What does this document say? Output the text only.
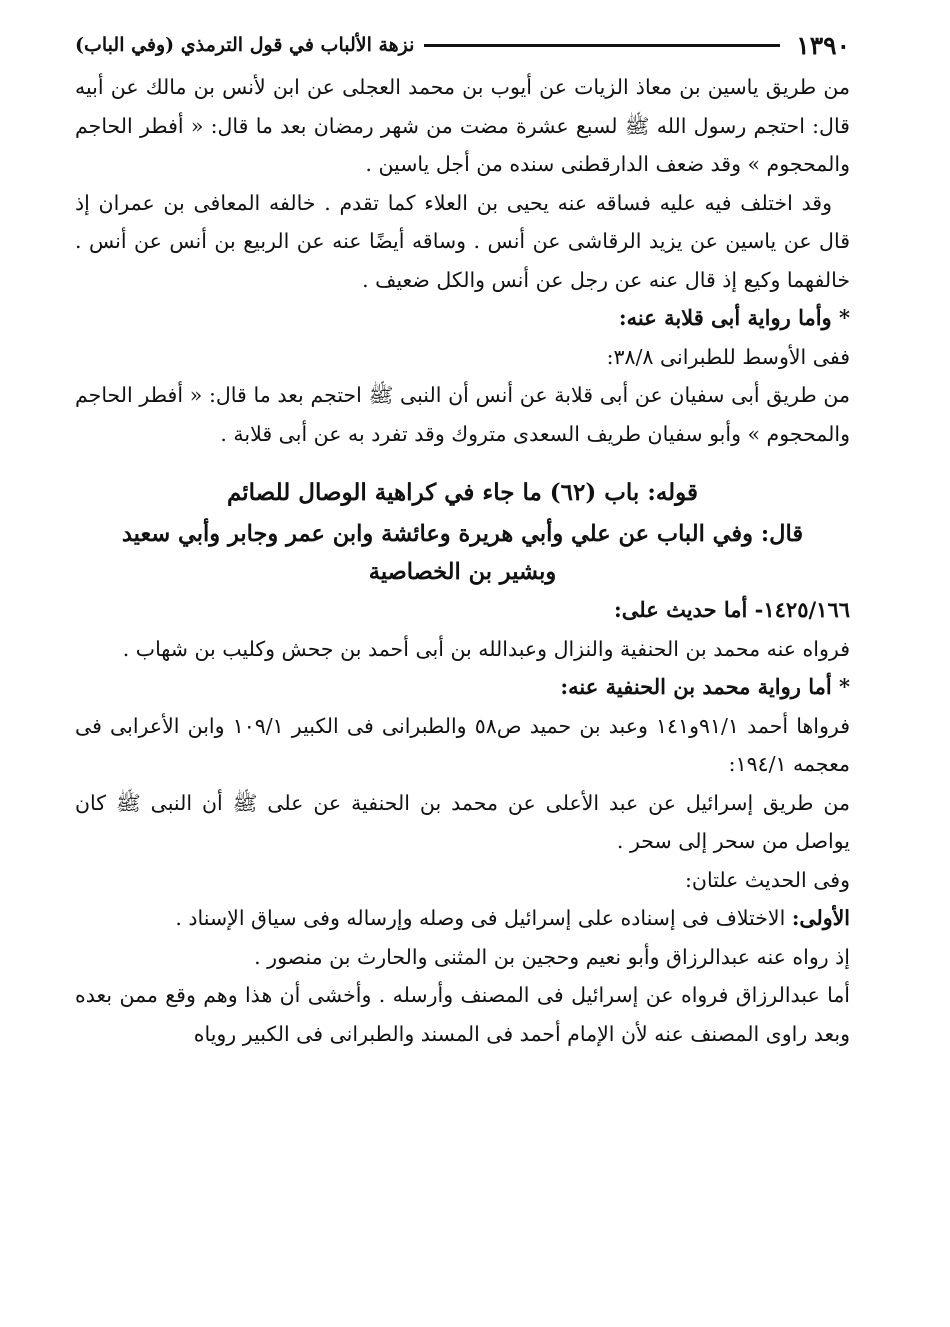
١٣٩٠
نزهة الألباب في قول الترمذي (وفي الباب)

من طريق ياسين بن معاذ الزيات عن أيوب بن محمد العجلى عن ابن لأنس بن مالك عن أبيه قال: احتجم رسول الله ﷺ لسبع عشرة مضت من شهر رمضان بعد ما قال: « أفطر الحاجم والمحجوم » وقد ضعف الدارقطنى سنده من أجل ياسين .

وقد اختلف فيه عليه فساقه عنه يحيى بن العلاء كما تقدم . خالفه المعافى بن عمران إذ قال عن ياسين عن يزيد الرقاشى عن أنس . وساقه أيضًا عنه عن الربيع بن أنس عن أنس . خالفهما وكيع إذ قال عنه عن رجل عن أنس والكل ضعيف .

* وأما رواية أبى قلابة عنه:

ففى الأوسط للطبرانى ٣٨/٨:

من طريق أبى سفيان عن أبى قلابة عن أنس أن النبى ﷺ احتجم بعد ما قال: « أفطر الحاجم والمحجوم » وأبو سفيان طريف السعدى متروك وقد تفرد به عن أبى قلابة .

قوله: باب (٦٢) ما جاء في كراهية الوصال للصائم

قال: وفي الباب عن علي وأبي هريرة وعائشة وابن عمر وجابر وأبي سعيد

وبشير بن الخصاصية

١٤٢٥/١٦٦- أما حديث على:

فرواه عنه محمد بن الحنفية والنزال وعبدالله بن أبى أحمد بن جحش وكليب بن شهاب .

* أما رواية محمد بن الحنفية عنه:

فرواها أحمد ٩١/١و١٤١ وعبد بن حميد ص٥٨ والطبرانى فى الكبير ١٠٩/١ وابن الأعرابى فى معجمه ١٩٤/١:

من طريق إسرائيل عن عبد الأعلى عن محمد بن الحنفية عن على ﷺ أن النبى ﷺ كان يواصل من سحر إلى سحر .

وفى الحديث علتان:

الأولى: الاختلاف فى إسناده على إسرائيل فى وصله وإرساله وفى سياق الإسناد .

إذ رواه عنه عبدالرزاق وأبو نعيم وحجين بن المثنى والحارث بن منصور .

أما عبدالرزاق فرواه عن إسرائيل فى المصنف وأرسله . وأخشى أن هذا وهم وقع ممن بعده وبعد راوى المصنف عنه لأن الإمام أحمد فى المسند والطبرانى فى الكبير روياه
